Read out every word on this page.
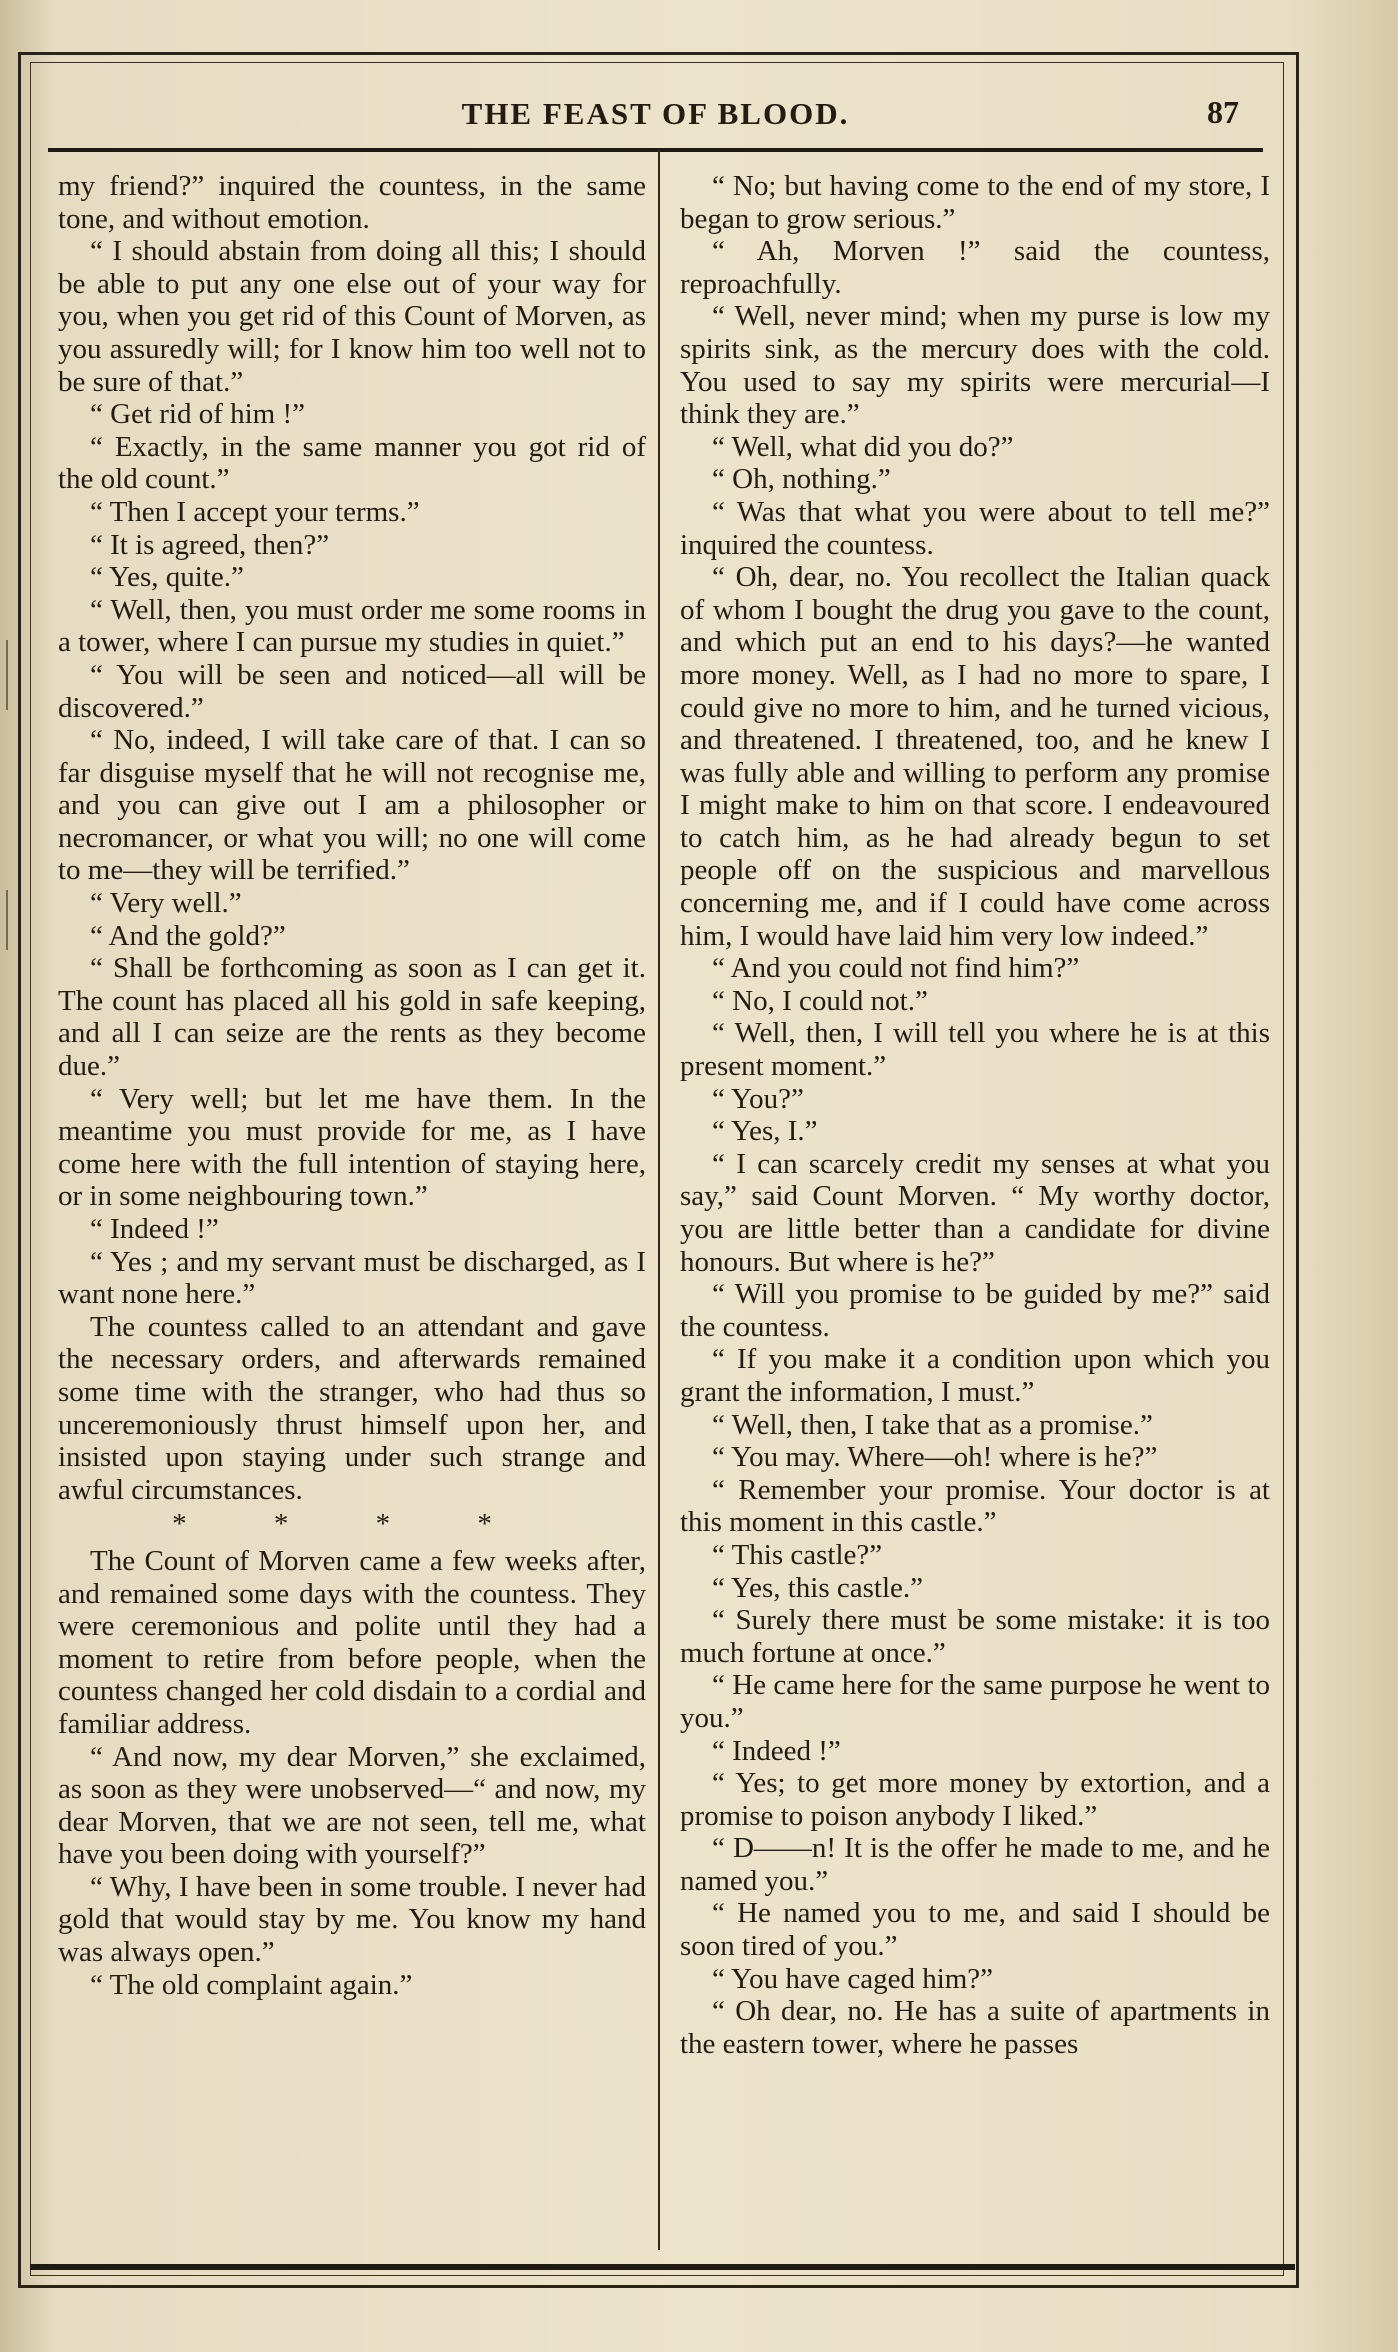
THE FEAST OF BLOOD.	87

my friend?” inquired the countess, in the same tone, and without emotion.

“ I should abstain from doing all this; I should be able to put any one else out of your way for you, when you get rid of this Count of Morven, as you assuredly will; for I know him too well not to be sure of that.”

“ Get rid of him !”

“ Exactly, in the same manner you got rid of the old count.”

“ Then I accept your terms.”

“ It is agreed, then?”

“ Yes, quite.”

“ Well, then, you must order me some rooms in a tower, where I can pursue my studies in quiet.”

“ You will be seen and noticed—all will be discovered.”

“ No, indeed, I will take care of that. I can so far disguise myself that he will not recognise me, and you can give out I am a philosopher or necromancer, or what you will; no one will come to me—they will be terrified.”

“ Very well.”

“ And the gold?”

“ Shall be forthcoming as soon as I can get it. The count has placed all his gold in safe keeping, and all I can seize are the rents as they become due.”

“ Very well; but let me have them. In the meantime you must provide for me, as I have come here with the full intention of staying here, or in some neighbouring town.”

“ Indeed !”

“ Yes ; and my servant must be discharged, as I want none here.”

The countess called to an attendant and gave the necessary orders, and afterwards remained some time with the stranger, who had thus so unceremoniously thrust himself upon her, and insisted upon staying under such strange and awful circumstances.

* * * *

The Count of Morven came a few weeks after, and remained some days with the countess. They were ceremonious and polite until they had a moment to retire from before people, when the countess changed her cold disdain to a cordial and familiar address.

“ And now, my dear Morven,” she exclaimed, as soon as they were unobserved—“ and now, my dear Morven, that we are not seen, tell me, what have you been doing with yourself?”

“ Why, I have been in some trouble. I never had gold that would stay by me. You know my hand was always open.”

“ The old complaint again.”

“ No; but having come to the end of my store, I began to grow serious.”

“ Ah, Morven !” said the countess, reproachfully.

“ Well, never mind; when my purse is low my spirits sink, as the mercury does with the cold. You used to say my spirits were mercurial—I think they are.”

“ Well, what did you do?”

“ Oh, nothing.”

“ Was that what you were about to tell me?” inquired the countess.

“ Oh, dear, no. You recollect the Italian quack of whom I bought the drug you gave to the count, and which put an end to his days?—he wanted more money. Well, as I had no more to spare, I could give no more to him, and he turned vicious, and threatened. I threatened, too, and he knew I was fully able and willing to perform any promise I might make to him on that score. I endeavoured to catch him, as he had already begun to set people off on the suspicious and marvellous concerning me, and if I could have come across him, I would have laid him very low indeed.”

“ And you could not find him?”

“ No, I could not.”

“ Well, then, I will tell you where he is at this present moment.”

“ You?”

“ Yes, I.”

“ I can scarcely credit my senses at what you say,” said Count Morven. “ My worthy doctor, you are little better than a candidate for divine honours. But where is he?”

“ Will you promise to be guided by me?” said the countess.

“ If you make it a condition upon which you grant the information, I must.”

“ Well, then, I take that as a promise.”

“ You may. Where—oh! where is he?”

“ Remember your promise. Your doctor is at this moment in this castle.”

“ This castle?”

“ Yes, this castle.”

“ Surely there must be some mistake: it is too much fortune at once.”

“ He came here for the same purpose he went to you.”

“ Indeed !”

“ Yes; to get more money by extortion, and a promise to poison anybody I liked.”

“ D——n! It is the offer he made to me, and he named you.”

“ He named you to me, and said I should be soon tired of you.”

“ You have caged him?”

“ Oh dear, no. He has a suite of apartments in the eastern tower, where he passes
